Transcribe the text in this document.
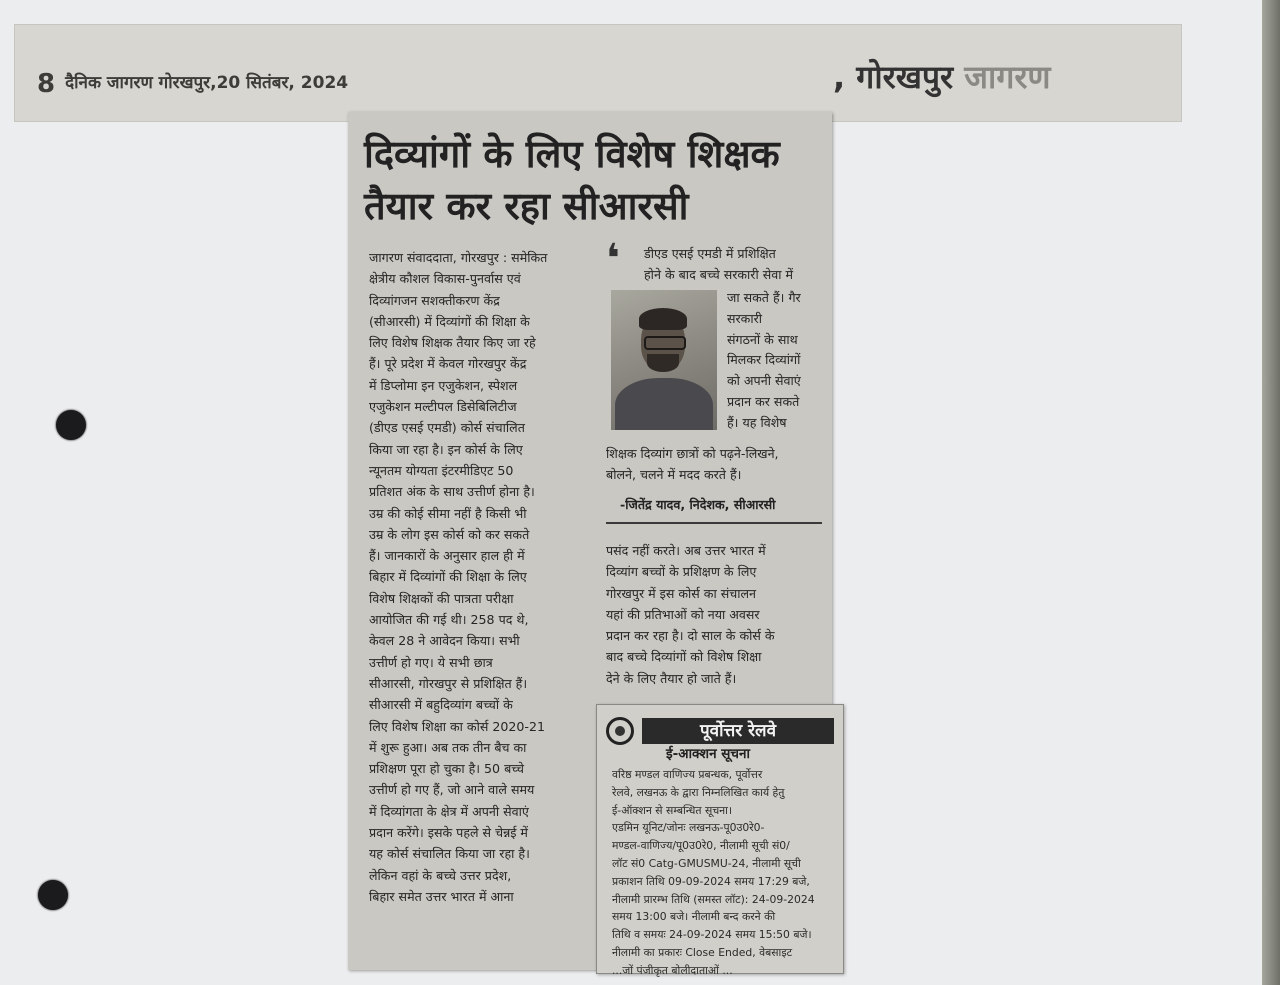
8 दैनिक जागरण गोरखपुर,20 सितंबर, 2024	, गोरखपुर जागरण
दिव्यांगों के लिए विशेष शिक्षक
तैयार कर रहा सीआरसी
जागरण संवाददाता, गोरखपुर : समेकित
क्षेत्रीय कौशल विकास-पुनर्वास एवं
दिव्यांगजन सशक्तीकरण केंद्र
(सीआरसी) में दिव्यांगों की शिक्षा के
लिए विशेष शिक्षक तैयार किए जा रहे
हैं। पूरे प्रदेश में केवल गोरखपुर केंद्र
में डिप्लोमा इन एजुकेशन, स्पेशल
एजुकेशन मल्टीपल डिसेबिलिटीज
(डीएड एसई एमडी) कोर्स संचालित
किया जा रहा है। इन कोर्स के लिए
न्यूनतम योग्यता इंटरमीडिएट 50
प्रतिशत अंक के साथ उत्तीर्ण होना है।
उम्र की कोई सीमा नहीं है किसी भी
उम्र के लोग इस कोर्स को कर सकते
हैं। जानकारों के अनुसार हाल ही में
बिहार में दिव्यांगों की शिक्षा के लिए
विशेष शिक्षकों की पात्रता परीक्षा
आयोजित की गई थी। 258 पद थे,
केवल 28 ने आवेदन किया। सभी
उत्तीर्ण हो गए। ये सभी छात्र
सीआरसी, गोरखपुर से प्रशिक्षित हैं।
सीआरसी में बहुदिव्यांग बच्चों के
लिए विशेष शिक्षा का कोर्स 2020-21
में शुरू हुआ। अब तक तीन बैच का
प्रशिक्षण पूरा हो चुका है। 50 बच्चे
उत्तीर्ण हो गए हैं, जो आने वाले समय
में दिव्यांगता के क्षेत्र में अपनी सेवाएं
प्रदान करेंगे। इसके पहले से चेन्नई में
यह कोर्स संचालित किया जा रहा है।
लेकिन वहां के बच्चे उत्तर प्रदेश,
बिहार समेत उत्तर भारत में आना
❛ डीएड एसई एमडी में प्रशिक्षित
होने के बाद बच्चे सरकारी सेवा में
जा सकते हैं। गैर
सरकारी
संगठनों के साथ
मिलकर दिव्यांगों
को अपनी सेवाएं
प्रदान कर सकते
हैं। यह विशेष
शिक्षक दिव्यांग छात्रों को पढ़ने-लिखने,
बोलने, चलने में मदद करते हैं।
-जितेंद्र यादव, निदेशक, सीआरसी
पसंद नहीं करते। अब उत्तर भारत में
दिव्यांग बच्चों के प्रशिक्षण के लिए
गोरखपुर में इस कोर्स का संचालन
यहां की प्रतिभाओं को नया अवसर
प्रदान कर रहा है। दो साल के कोर्स के
बाद बच्चे दिव्यांगों को विशेष शिक्षा
देने के लिए तैयार हो जाते हैं।
पूर्वोत्तर रेलवे
ई-आक्शन सूचना
वरिष्ठ मण्डल वाणिज्य प्रबन्धक, पूर्वोत्तर
रेलवे, लखनऊ के द्वारा निम्नलिखित कार्य हेतु
ई-ऑक्शन से सम्बन्धित सूचना।
एडमिन यूनिट/जोनः लखनऊ-पू0उ0रे0-
मण्डल-वाणिज्य/पू0उ0रे0, नीलामी सूची सं0/
लॉट सं0 Catg-GMUSMU-24, नीलामी सूची
प्रकाशन तिथि 09-09-2024 समय 17:29 बजे,
नीलामी प्रारम्भ तिथि (समस्त लॉट): 24-09-2024
समय 13:00 बजे। नीलामी बन्द करने की
तिथि व समयः 24-09-2024 समय 15:50 बजे।
नीलामी का प्रकारः Close Ended, वेबसाइट
...जों पंजीकृत बोलीदाताओं ...
